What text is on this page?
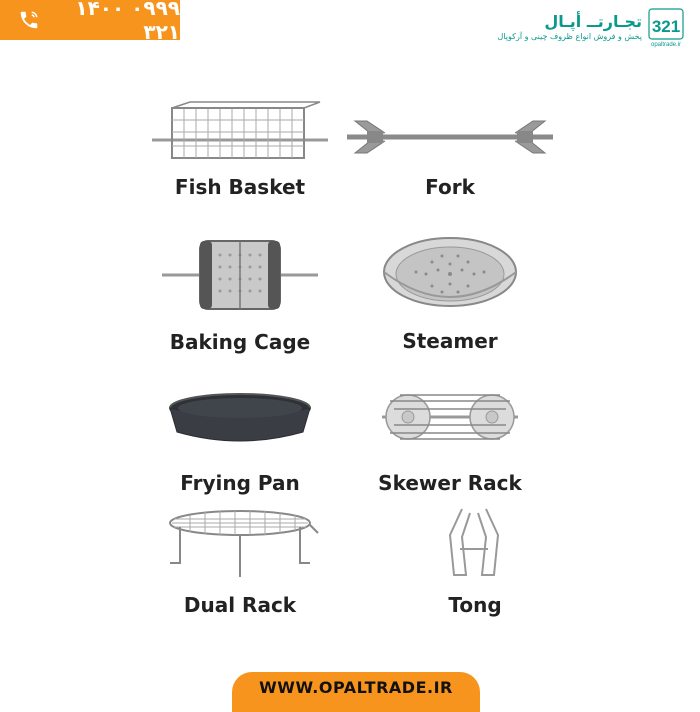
۰۹۹۹ ۱۴۰۰ ۳۲۱	تجـارتــ أپـال
پخش و فروش انواع ظروف چینی و آرکوپال
321
opaltrade.ir
Fish Basket	Fork
Baking Cage	Steamer
Frying Pan	Skewer Rack
Dual Rack	Tong
WWW.OPALTRADE.IR
